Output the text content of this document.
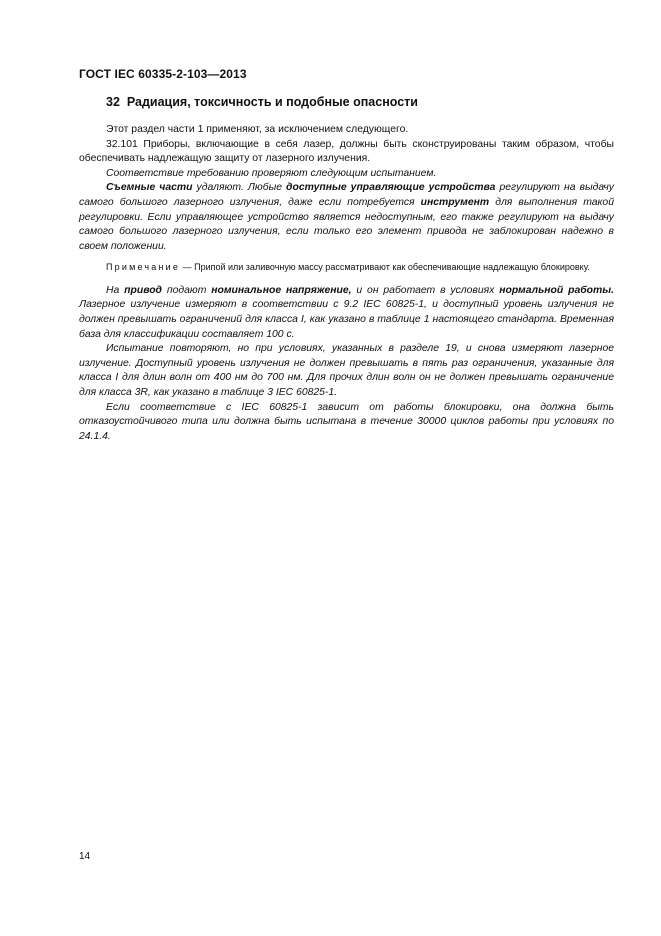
ГОСТ IEC 60335-2-103—2013
32 Радиация, токсичность и подобные опасности

Этот раздел части 1 применяют, за исключением следующего.

32.101 Приборы, включающие в себя лазер, должны быть сконструированы таким образом, чтобы обеспечивать надлежащую защиту от лазерного излучения.

Соответствие требованию проверяют следующим испытанием.

Съемные части удаляют. Любые доступные управляющие устройства регулируют на выдачу самого большого лазерного излучения, даже если потребуется инструмент для выполнения такой регулировки. Если управляющее устройство является недоступным, его также регулируют на выдачу самого большого лазерного излучения, если только его элемент привода не заблокирован надежно в своем положении.

Примечание — Припой или заливочную массу рассматривают как обеспечивающие надлежащую блокировку.

На привод подают номинальное напряжение, и он работает в условиях нормальной работы. Лазерное излучение измеряют в соответствии с 9.2 IEC 60825-1, и доступный уровень излучения не должен превышать ограничений для класса I, как указано в таблице 1 настоящего стандарта. Временная база для классификации составляет 100 с.

Испытание повторяют, но при условиях, указанных в разделе 19, и снова измеряют лазерное излучение. Доступный уровень излучения не должен превышать в пять раз ограничения, указанные для класса I для длин волн от 400 нм до 700 нм. Для прочих длин волн он не должен превышать ограничение для класса 3R, как указано в таблице 3 IEC 60825-1.

Если соответствие с IEC 60825-1 зависит от работы блокировки, она должна быть отказоустойчивого типа или должна быть испытана в течение 30000 циклов работы при условиях по 24.1.4.

14
